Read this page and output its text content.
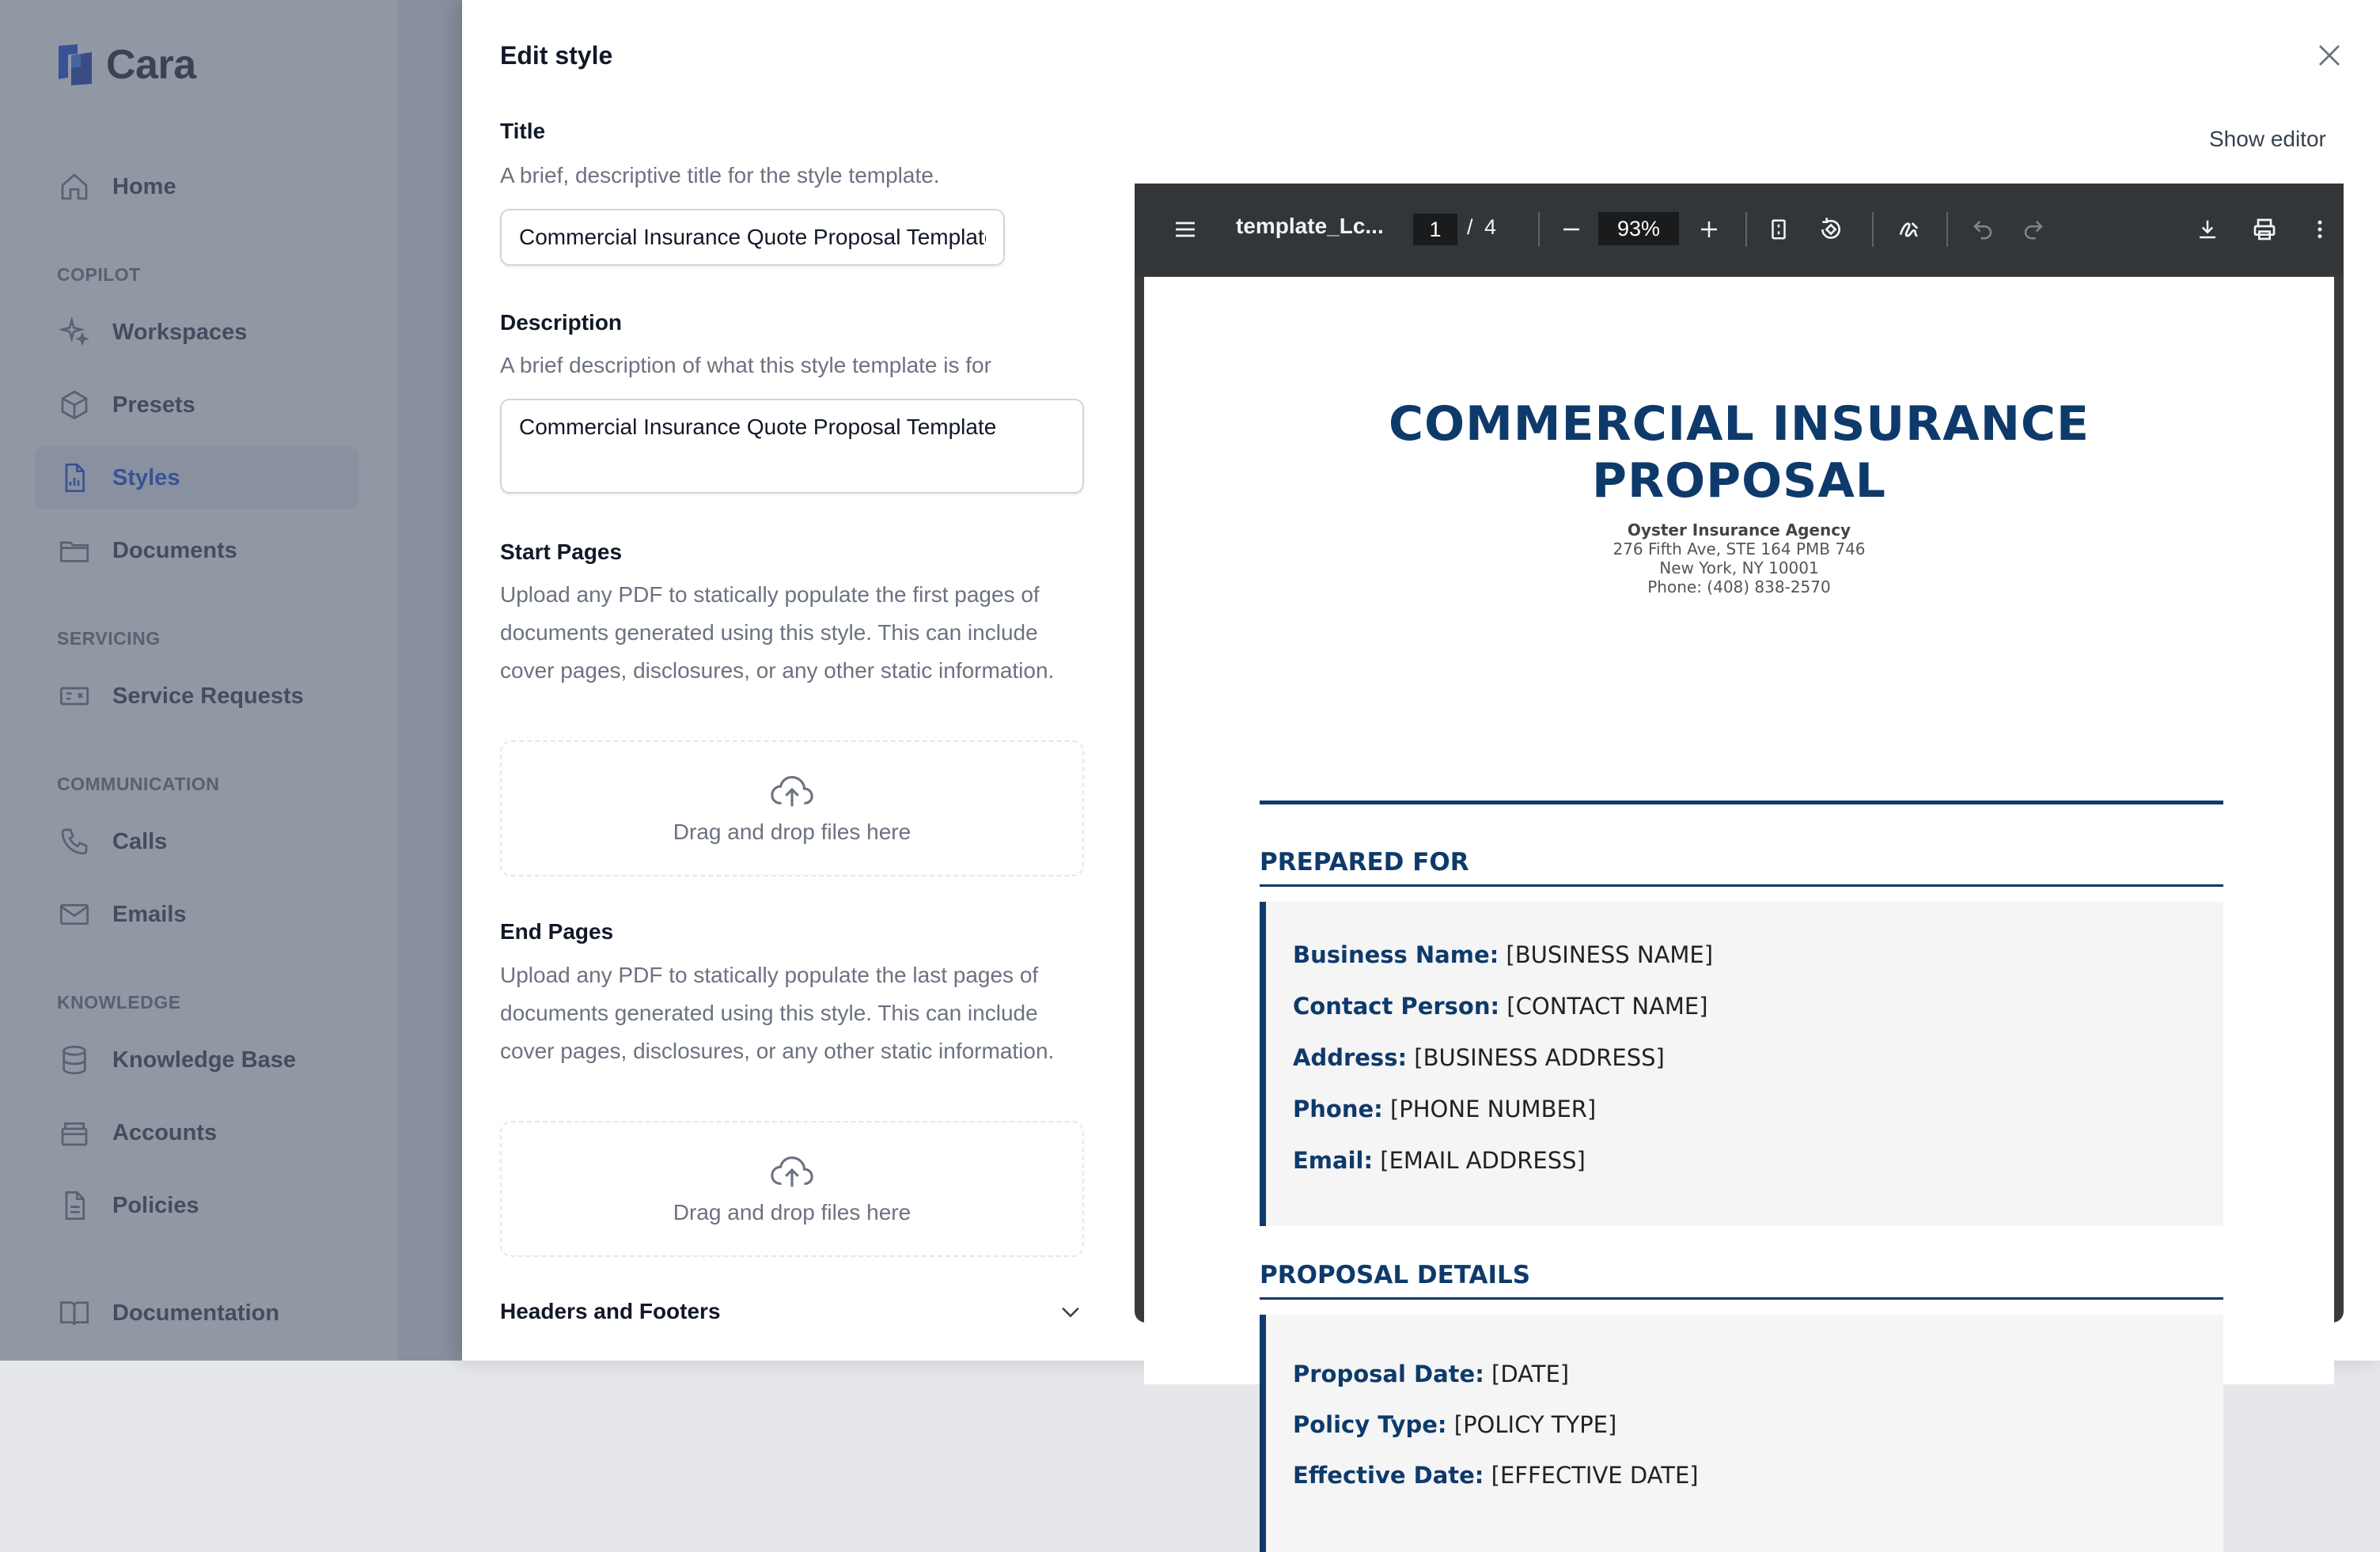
Edit style
Title
A brief, descriptive title for the style template.
Commercial Insurance Quote Proposal Template
Description
A brief description of what this style template is for
Commercial Insurance Quote Proposal Template
Start Pages
Upload any PDF to statically populate the first pages of documents generated using this style. This can include cover pages, disclosures, or any other static information.
Drag and drop files here
End Pages
Upload any PDF to statically populate the last pages of documents generated using this style. This can include cover pages, disclosures, or any other static information.
Drag and drop files here
Headers and Footers
Show editor
template_Lc...	1	/ 4	93%
COMMERCIAL INSURANCE
PROPOSAL
Oyster Insurance Agency
276 Fifth Ave, STE 164 PMB 746
New York, NY 10001
Phone: (408) 838-2570
PREPARED FOR
Business Name: [BUSINESS NAME]
Contact Person: [CONTACT NAME]
Address: [BUSINESS ADDRESS]
Phone: [PHONE NUMBER]
Email: [EMAIL ADDRESS]
PROPOSAL DETAILS
Proposal Date: [DATE]
Policy Type: [POLICY TYPE]
Effective Date: [EFFECTIVE DATE]
